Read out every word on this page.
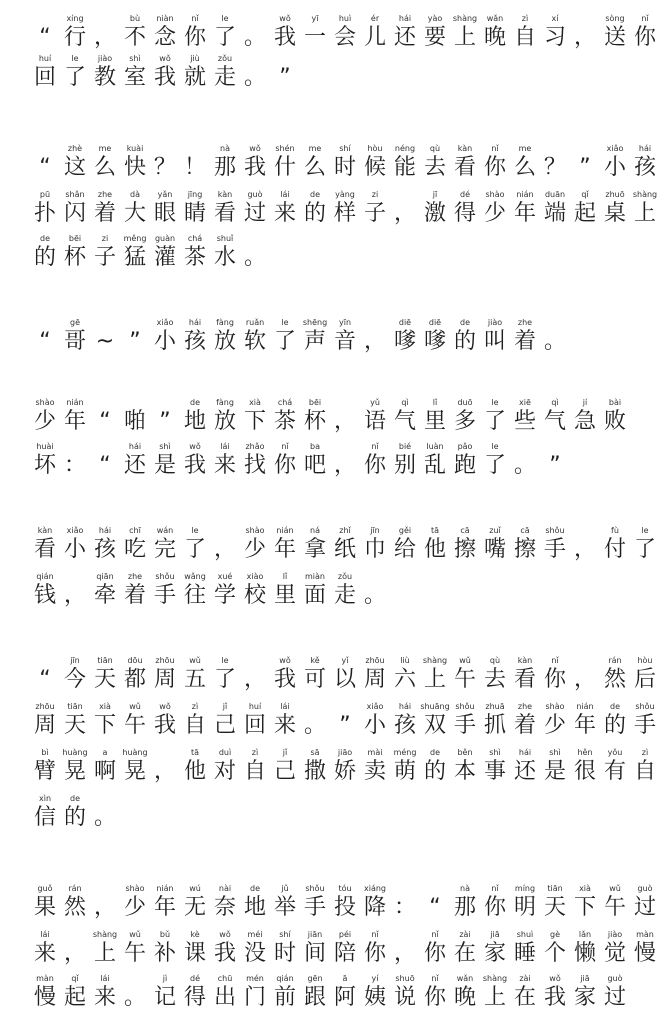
“
xíng
行 ，
bù
不
niàn
念
nǐ
你
le
了 。
wǒ
我
yī
一
huì
会
ér
儿
hái
还
yào
要
shàng
上
wǎn
晚
zì
自
xí
习 ，
sòng
送
nǐ
你
huí
回
le
了
jiào
教
shì
室
wǒ
我
jiù
就
zǒu
走 。 ”
“
zhè
这
me
么
kuài
快 ？ ！
nà
那
wǒ
我
shén
什
me
么
shí
时
hòu
候
néng
能
qù
去
kàn
看
nǐ
你
me
么 ？ ”
xiǎo
小
hái
孩
pū
扑
shǎn
闪
zhe
着
dà
大
yǎn
眼
jīng
睛
kàn
看
guò
过
lái
来
de
的
yàng
样
zi
子 ，
jī
激
dé
得
shào
少
nián
年
duān
端
qǐ
起
zhuō
桌
shàng
上
de
的
bēi
杯
zi
子
měng
猛
guàn
灌
chá
茶
shuǐ
水 。
“
gē
哥 ~ ”
xiǎo
小
hái
孩
fàng
放
ruǎn
软
le
了
shēng
声
yīn
音 ，
diē
嗲
diē
嗲
de
的
jiào
叫
zhe
着 。
shào
少
nián
年 “ 啪 ”
de
地
fàng
放
xià
下
chá
茶
bēi
杯 ，
yǔ
语
qì
气
lǐ
里
duō
多
le
了
xiē
些
qì
气
jí
急
bài
败
huài
坏 ： “
hái
还
shì
是
wǒ
我
lái
来
zhǎo
找
nǐ
你
ba
吧 ，
nǐ
你
bié
别
luàn
乱
pǎo
跑
le
了 。 ”
kàn
看
xiǎo
小
hái
孩
chī
吃
wán
完
le
了 ，
shào
少
nián
年
ná
拿
zhǐ
纸
jīn
巾
gěi
给
tā
他
cā
擦
zuǐ
嘴
cā
擦
shǒu
手 ，
fù
付
le
了
qián
钱 ，
qiān
牵
zhe
着
shǒu
手
wǎng
往
xué
学
xiào
校
lǐ
里
miàn
面
zǒu
走 。
“
jīn
今
tiān
天
dōu
都
zhōu
周
wǔ
五
le
了 ，
wǒ
我
kě
可
yǐ
以
zhōu
周
liù
六
shàng
上
wǔ
午
qù
去
kàn
看
nǐ
你 ，
rán
然
hòu
后
zhōu
周
tiān
天
xià
下
wǔ
午
wǒ
我
zì
自
jǐ
己
huí
回
lái
来 。 ”
xiǎo
小
hái
孩
shuāng
双
shǒu
手
zhuā
抓
zhe
着
shào
少
nián
年
de
的
shǒu
手
bì
臂
huàng
晃
a
啊
huàng
晃 ，
tā
他
duì
对
zì
自
jǐ
己
sā
撒
jiāo
娇
mài
卖
méng
萌
de
的
běn
本
shì
事
hái
还
shì
是
hěn
很
yǒu
有
zì
自
xìn
信
de
的 。
guǒ
果
rán
然 ，
shào
少
nián
年
wú
无
nài
奈
de
地
jǔ
举
shǒu
手
tóu
投
xiáng
降 ： “
nà
那
nǐ
你
míng
明
tiān
天
xià
下
wǔ
午
guò
过
lái
来 ，
shàng
上
wǔ
午
bǔ
补
kè
课
wǒ
我
méi
没
shí
时
jiān
间
péi
陪
nǐ
你 ，
nǐ
你
zài
在
jiā
家
shuì
睡
gè
个
lǎn
懒
jiào
觉
màn
慢
màn
慢
qǐ
起
lái
来 。
jì
记
dé
得
chū
出
mén
门
qián
前
gēn
跟
ā
阿
yí
姨
shuō
说
nǐ
你
wǎn
晚
shàng
上
zài
在
wǒ
我
jiā
家
guò
过
